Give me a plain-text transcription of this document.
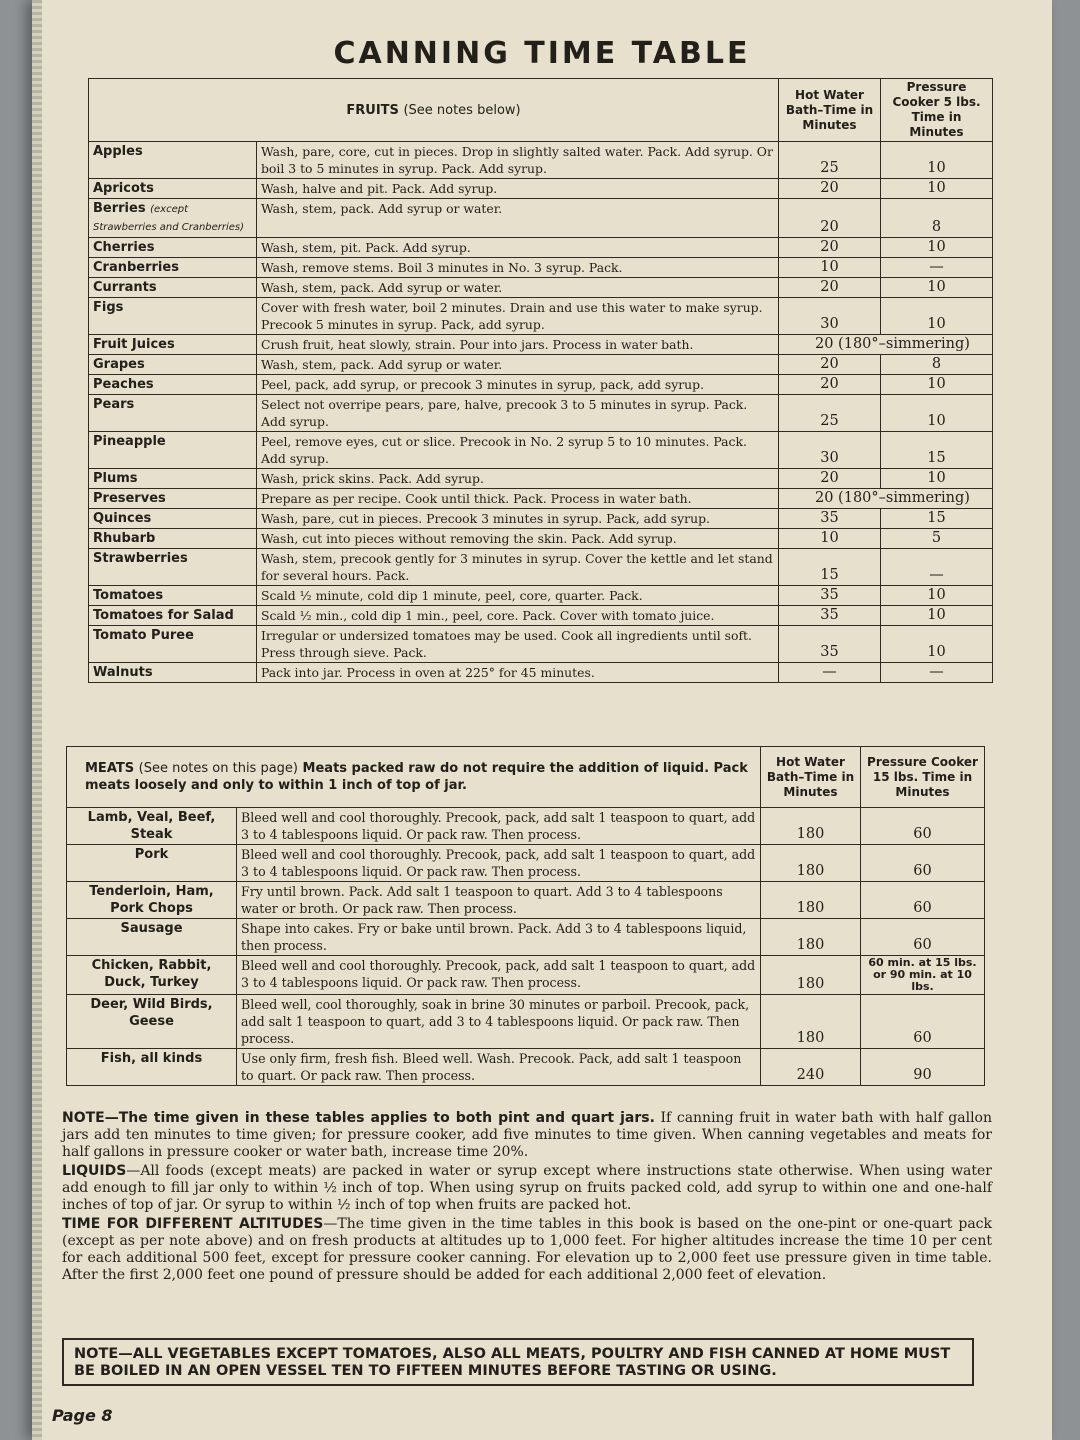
CANNING TIME TABLE
FRUITS (See notes below)		Hot Water Bath–Time in Minutes	Pressure Cooker 5 lbs. Time in Minutes
Apples	Wash, pare, core, cut in pieces. Drop in slightly salted water. Pack. Add syrup. Or boil 3 to 5 minutes in syrup. Pack. Add syrup.	25	10
Apricots	Wash, halve and pit. Pack. Add syrup.	20	10
Berries (except Strawberries and Cranberries)	Wash, stem, pack. Add syrup or water.	20	8
Cherries	Wash, stem, pit. Pack. Add syrup.	20	10
Cranberries	Wash, remove stems. Boil 3 minutes in No. 3 syrup. Pack.	10	—
Currants	Wash, stem, pack. Add syrup or water.	20	10
Figs	Cover with fresh water, boil 2 minutes. Drain and use this water to make syrup. Precook 5 minutes in syrup. Pack, add syrup.	30	10
Fruit Juices	Crush fruit, heat slowly, strain. Pour into jars. Process in water bath.	20 (180°–simmering)	
Grapes	Wash, stem, pack. Add syrup or water.	20	8
Peaches	Peel, pack, add syrup, or precook 3 minutes in syrup, pack, add syrup.	20	10
Pears	Select not overripe pears, pare, halve, precook 3 to 5 minutes in syrup. Pack. Add syrup.	25	10
Pineapple	Peel, remove eyes, cut or slice. Precook in No. 2 syrup 5 to 10 minutes. Pack. Add syrup.	30	15
Plums	Wash, prick skins. Pack. Add syrup.	20	10
Preserves	Prepare as per recipe. Cook until thick. Pack. Process in water bath.	20 (180°–simmering)	
Quinces	Wash, pare, cut in pieces. Precook 3 minutes in syrup. Pack, add syrup.	35	15
Rhubarb	Wash, cut into pieces without removing the skin. Pack. Add syrup.	10	5
Strawberries	Wash, stem, precook gently for 3 minutes in syrup. Cover the kettle and let stand for several hours. Pack.	15	—
Tomatoes	Scald ½ minute, cold dip 1 minute, peel, core, quarter. Pack.	35	10
Tomatoes for Salad	Scald ½ min., cold dip 1 min., peel, core. Pack. Cover with tomato juice.	35	10
Tomato Puree	Irregular or undersized tomatoes may be used. Cook all ingredients until soft. Press through sieve. Pack.	35	10
Walnuts	Pack into jar. Process in oven at 225° for 45 minutes.	—	—
MEATS (See notes on this page) Meats packed raw do not require the addition of liquid. Pack meats loosely and only to within 1 inch of top of jar.		Hot Water Bath–Time in Minutes	Pressure Cooker 15 lbs. Time in Minutes
Lamb, Veal, Beef, Steak	Bleed well and cool thoroughly. Precook, pack, add salt 1 teaspoon to quart, add 3 to 4 tablespoons liquid. Or pack raw. Then process.	180	60
Pork	Bleed well and cool thoroughly. Precook, pack, add salt 1 teaspoon to quart, add 3 to 4 tablespoons liquid. Or pack raw. Then process.	180	60
Tenderloin, Ham, Pork Chops	Fry until brown. Pack. Add salt 1 teaspoon to quart. Add 3 to 4 tablespoons water or broth. Or pack raw. Then process.	180	60
Sausage	Shape into cakes. Fry or bake until brown. Pack. Add 3 to 4 tablespoons liquid, then process.	180	60
Chicken, Rabbit, Duck, Turkey	Bleed well and cool thoroughly. Precook, pack, add salt 1 teaspoon to quart, add 3 to 4 tablespoons liquid. Or pack raw. Then process.	180	60 min. at 15 lbs. or 90 min. at 10 lbs.
Deer, Wild Birds, Geese	Bleed well, cool thoroughly, soak in brine 30 minutes or parboil. Precook, pack, add salt 1 teaspoon to quart, add 3 to 4 tablespoons liquid. Or pack raw. Then process.	180	60
Fish, all kinds	Use only firm, fresh fish. Bleed well. Wash. Precook. Pack, add salt 1 teaspoon to quart. Or pack raw. Then process.	240	90

NOTE—The time given in these tables applies to both pint and quart jars. If canning fruit in water bath with half gallon jars add ten minutes to time given; for pressure cooker, add five minutes to time given. When canning vegetables and meats for half gallons in pressure cooker or water bath, increase time 20%.

LIQUIDS—All foods (except meats) are packed in water or syrup except where instructions state otherwise. When using water add enough to fill jar only to within ½ inch of top. When using syrup on fruits packed cold, add syrup to within one and one-half inches of top of jar. Or syrup to within ½ inch of top when fruits are packed hot.

TIME FOR DIFFERENT ALTITUDES—The time given in the time tables in this book is based on the one-pint or one-quart pack (except as per note above) and on fresh products at altitudes up to 1,000 feet. For higher altitudes increase the time 10 per cent for each additional 500 feet, except for pressure cooker canning. For elevation up to 2,000 feet use pressure given in time table. After the first 2,000 feet one pound of pressure should be added for each additional 2,000 feet of elevation.

NOTE—ALL VEGETABLES EXCEPT TOMATOES, ALSO ALL MEATS, POULTRY AND FISH CANNED AT HOME MUST BE BOILED IN AN OPEN VESSEL TEN TO FIFTEEN MINUTES BEFORE TASTING OR USING.
Page 8
